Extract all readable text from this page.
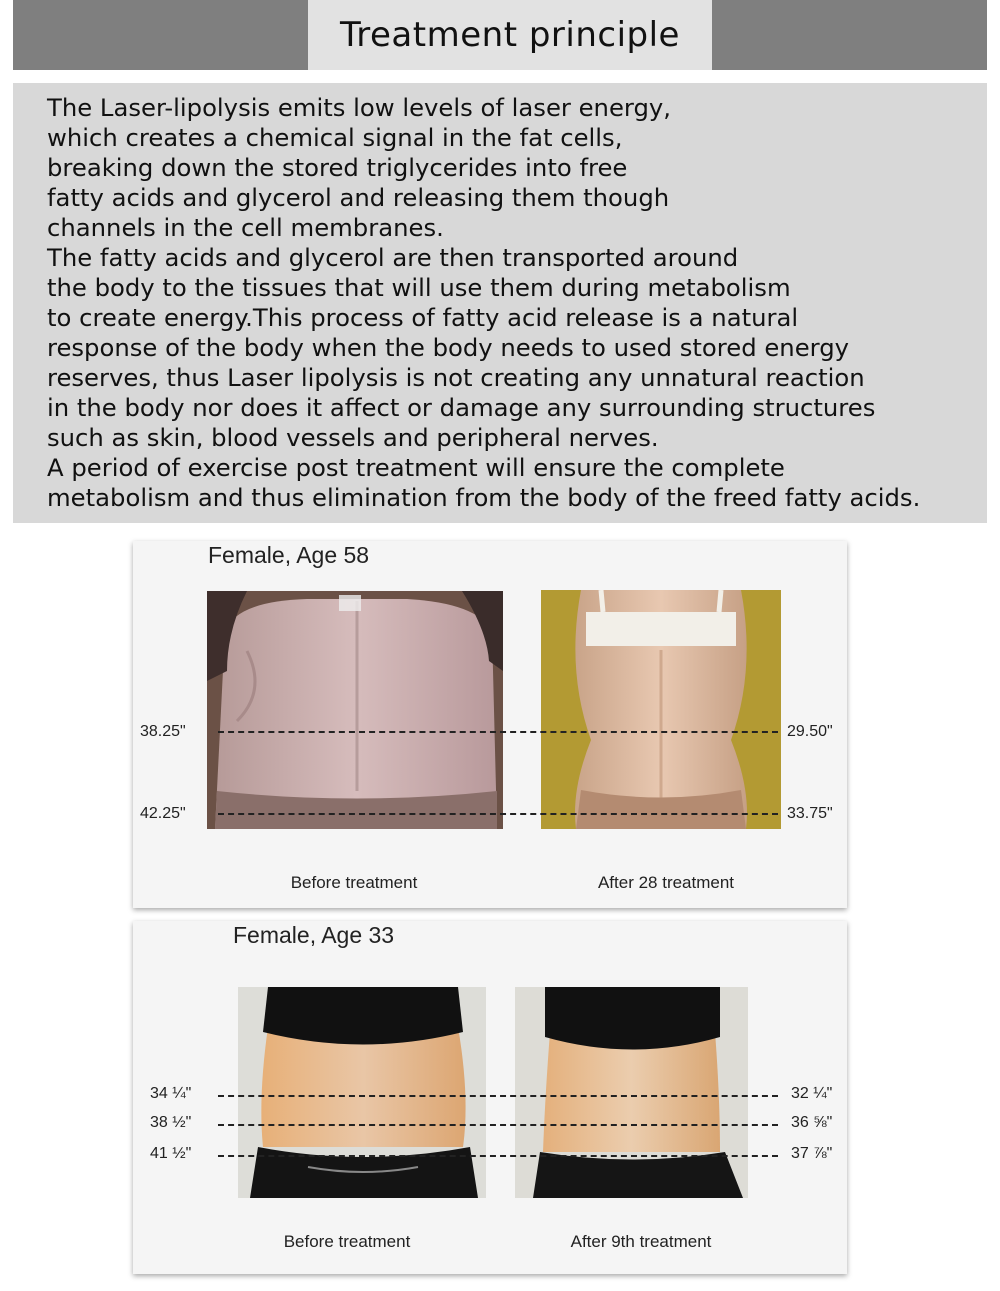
Treatment principle
The Laser-lipolysis emits low levels of laser energy,
which creates a chemical signal in the fat cells,
breaking down the stored triglycerides into free
fatty acids and glycerol and releasing them though
channels in the cell membranes.
The fatty acids and glycerol are then transported around
the body to the tissues that will use them during metabolism
to create energy.This process of fatty acid release is a natural
response of the body when the body needs to used stored energy
reserves, thus Laser lipolysis is not creating any unnatural reaction
in the body nor does it affect or damage any surrounding structures
such as skin, blood vessels and peripheral nerves.
A period of exercise post treatment will ensure the complete
metabolism and thus elimination from the body of the freed fatty acids.
Female, Age 58
38.25"
42.25"
29.50"
33.75"
Before treatment	After 28 treatment
Female, Age 33
34 ¼"
38 ½"
41 ½"
32 ¼"
36 ⅝"
37 ⅞"
Before treatment	After 9th treatment
